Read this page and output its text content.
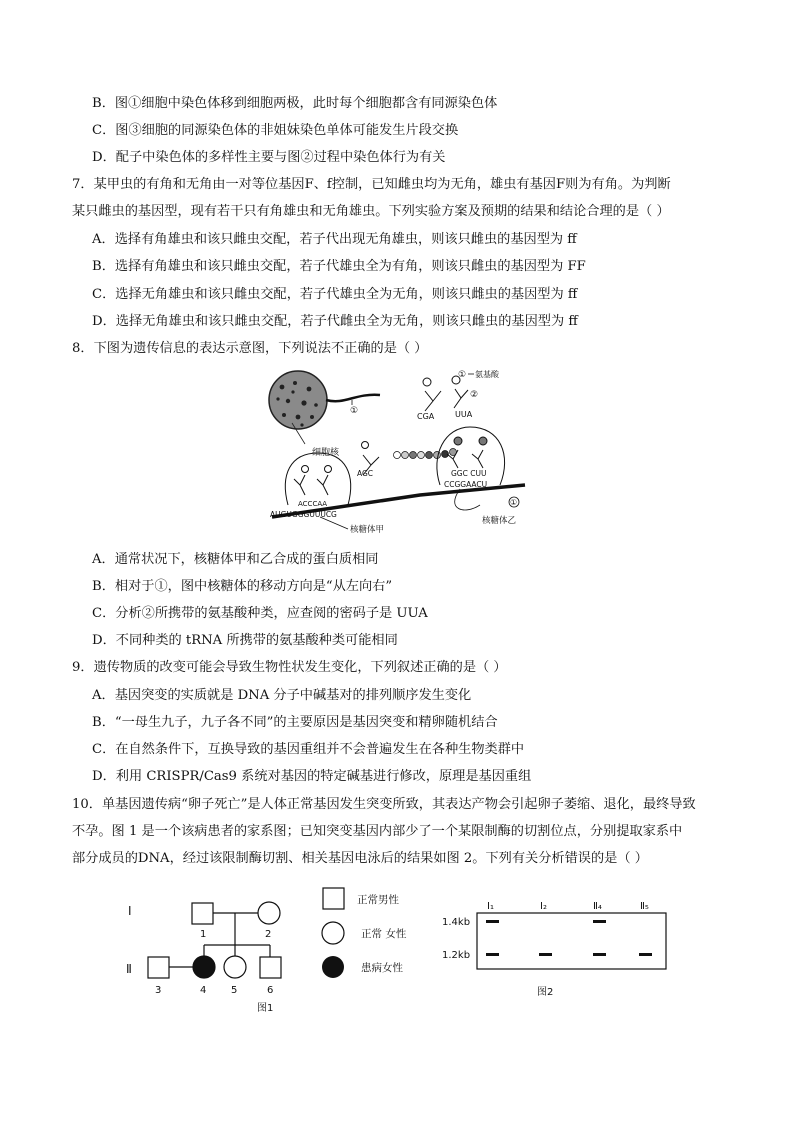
B．图①细胞中染色体移到细胞两极，此时每个细胞都含有同源染色体
C．图③细胞的同源染色体的非姐妹染色单体可能发生片段交换
D．配子中染色体的多样性主要与图②过程中染色体行为有关
7．某甲虫的有角和无角由一对等位基因F、f控制，已知雌虫均为无角，雄虫有基因F则为有角。为判断
某只雌虫的基因型，现有若干只有角雄虫和无角雄虫。下列实验方案及预期的结果和结论合理的是（ ）
A．选择有角雄虫和该只雌虫交配，若子代出现无角雄虫，则该只雌虫的基因型为 ff
B．选择有角雄虫和该只雌虫交配，若子代雄虫全为有角，则该只雌虫的基因型为 FF
C．选择无角雄虫和该只雌虫交配，若子代雄虫全为无角，则该只雌虫的基因型为 ff
D．选择无角雄虫和该只雌虫交配，若子代雌虫全为无角，则该只雌虫的基因型为 ff
8．下图为遗传信息的表达示意图，下列说法不正确的是（ ）
细胞核
①
CGA
① 氨基酸
②
UUA
AUGUGGGUUUCG
ACCCAA
核糖体甲
AGC	GGC CUU
CCGGAACU
①
核糖体乙
A．通常状况下，核糖体甲和乙合成的蛋白质相同
B．相对于①，图中核糖体的移动方向是“从左向右”
C．分析②所携带的氨基酸种类，应查阅的密码子是 UUA
D．不同种类的 tRNA 所携带的氨基酸种类可能相同
9．遗传物质的改变可能会导致生物性状发生变化，下列叙述正确的是（ ）
A．基因突变的实质就是 DNA 分子中碱基对的排列顺序发生变化
B．“一母生九子，九子各不同”的主要原因是基因突变和精卵随机结合
C．在自然条件下，互换导致的基因重组并不会普遍发生在各种生物类群中
D．利用 CRISPR/Cas9 系统对基因的特定碱基进行修改，原理是基因重组
10．单基因遗传病“卵子死亡”是人体正常基因发生突变所致，其表达产物会引起卵子萎缩、退化，最终导致
不孕。图 1 是一个该病患者的家系图；已知突变基因内部少了一个某限制酶的切割位点，分别提取家系中
部分成员的DNA，经过该限制酶切割、相关基因电泳后的结果如图 2。下列有关分析错误的是（ ）
Ⅰ
Ⅱ
1	2
3	4 5	6
图1
正常男性
正常 女性
患病女性
Ⅰ₁	Ⅰ₂	Ⅱ₄	Ⅱ₅
1.4kb
1.2kb
图2
